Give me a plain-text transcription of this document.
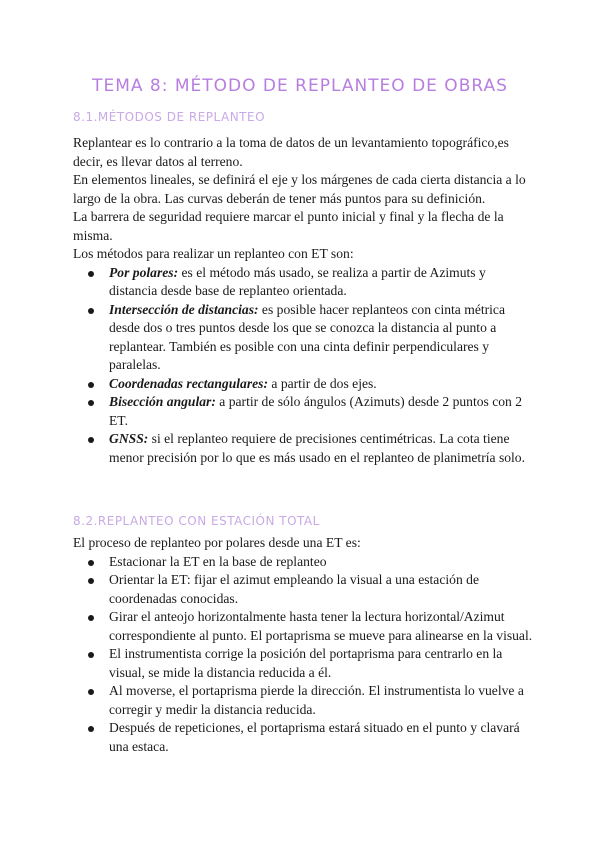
TEMA 8: MÉTODO DE REPLANTEO DE OBRAS
8.1.MÉTODOS DE REPLANTEO

Replantear es lo contrario a la toma de datos de un levantamiento topográfico,es decir, es llevar datos al terreno.

En elementos lineales, se definirá el eje y los márgenes de cada cierta distancia a lo largo de la obra. Las curvas deberán de tener más puntos para su definición.

La barrera de seguridad requiere marcar el punto inicial y final y la flecha de la misma.

Los métodos para realizar un replanteo con ET son:

Por polares: es el método más usado, se realiza a partir de Azimuts y distancia desde base de replanteo orientada.
Intersección de distancias: es posible hacer replanteos con cinta métrica desde dos o tres puntos desde los que se conozca la distancia al punto a replantear. También es posible con una cinta definir perpendiculares y paralelas.
Coordenadas rectangulares: a partir de dos ejes.
Bisección angular: a partir de sólo ángulos (Azimuts) desde 2 puntos con 2 ET.
GNSS: si el replanteo requiere de precisiones centimétricas. La cota tiene menor precisión por lo que es más usado en el replanteo de planimetría solo.
8.2.REPLANTEO CON ESTACIÓN TOTAL

El proceso de replanteo por polares desde una ET es:

Estacionar la ET en la base de replanteo
Orientar la ET: fijar el azimut empleando la visual a una estación de coordenadas conocidas.
Girar el anteojo horizontalmente hasta tener la lectura horizontal/Azimut correspondiente al punto. El portaprisma se mueve para alinearse en la visual.
El instrumentista corrige la posición del portaprisma para centrarlo en la visual, se mide la distancia reducida a él.
Al moverse, el portaprisma pierde la dirección. El instrumentista lo vuelve a corregir y medir la distancia reducida.
Después de repeticiones, el portaprisma estará situado en el punto y clavará una estaca.
